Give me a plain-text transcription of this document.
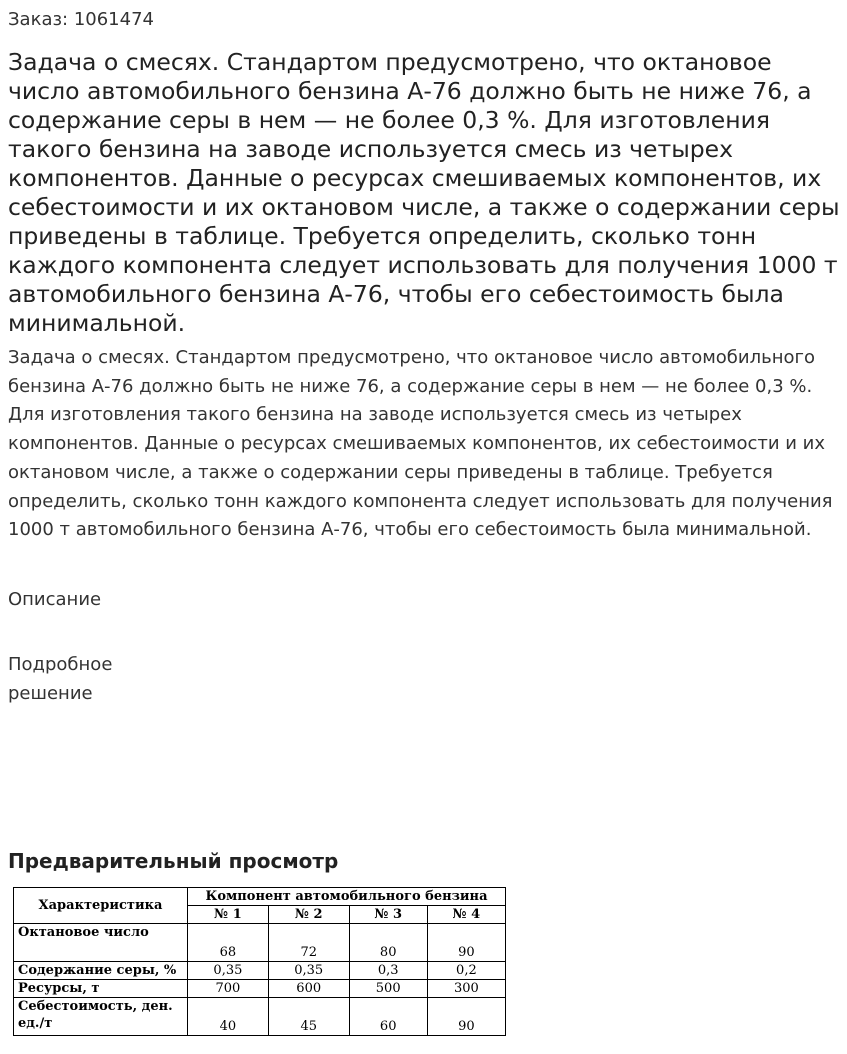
Заказ: 1061474
Задача о смесях. Стандартом предусмотрено, что октановое число автомобильного бензина А-76 должно быть не ниже 76, а содержание серы в нем — не более 0,3 %. Для изготовления такого бензина на заводе используется смесь из четырех компонентов. Данные о ресурсах смешиваемых компонентов, их себестоимости и их октановом числе, а также о содержании серы приведены в таблице. Требуется определить, сколько тонн каждого компонента следует использовать для получения 1000 т автомобильного бензина А-76, чтобы его себестоимость была минимальной.
Задача о смесях. Стандартом предусмотрено, что октановое число автомобильного бензина А-76 должно быть не ниже 76, а содержание серы в нем — не более 0,3 %. Для изготовления такого бензина на заводе используется смесь из четырех компонентов. Данные о ресурсах смешиваемых компонентов, их себестоимости и их октановом числе, а также о содержании серы приведены в таблице. Требуется определить, сколько тонн каждого компонента следует использовать для получения 1000 т автомобильного бензина А-76, чтобы его себестоимость была минимальной.
Описание
Подробное решение
Предварительный просмотр
Характеристика	Компонент автомобильного бензина			
	№ 1	№ 2	№ 3	№ 4
Октановое число	68	72	80	90
Содержание серы, %	0,35	0,35	0,3	0,2
Ресурсы, т	700	600	500	300
Себестоимость, ден. ед./т	40	45	60	90
